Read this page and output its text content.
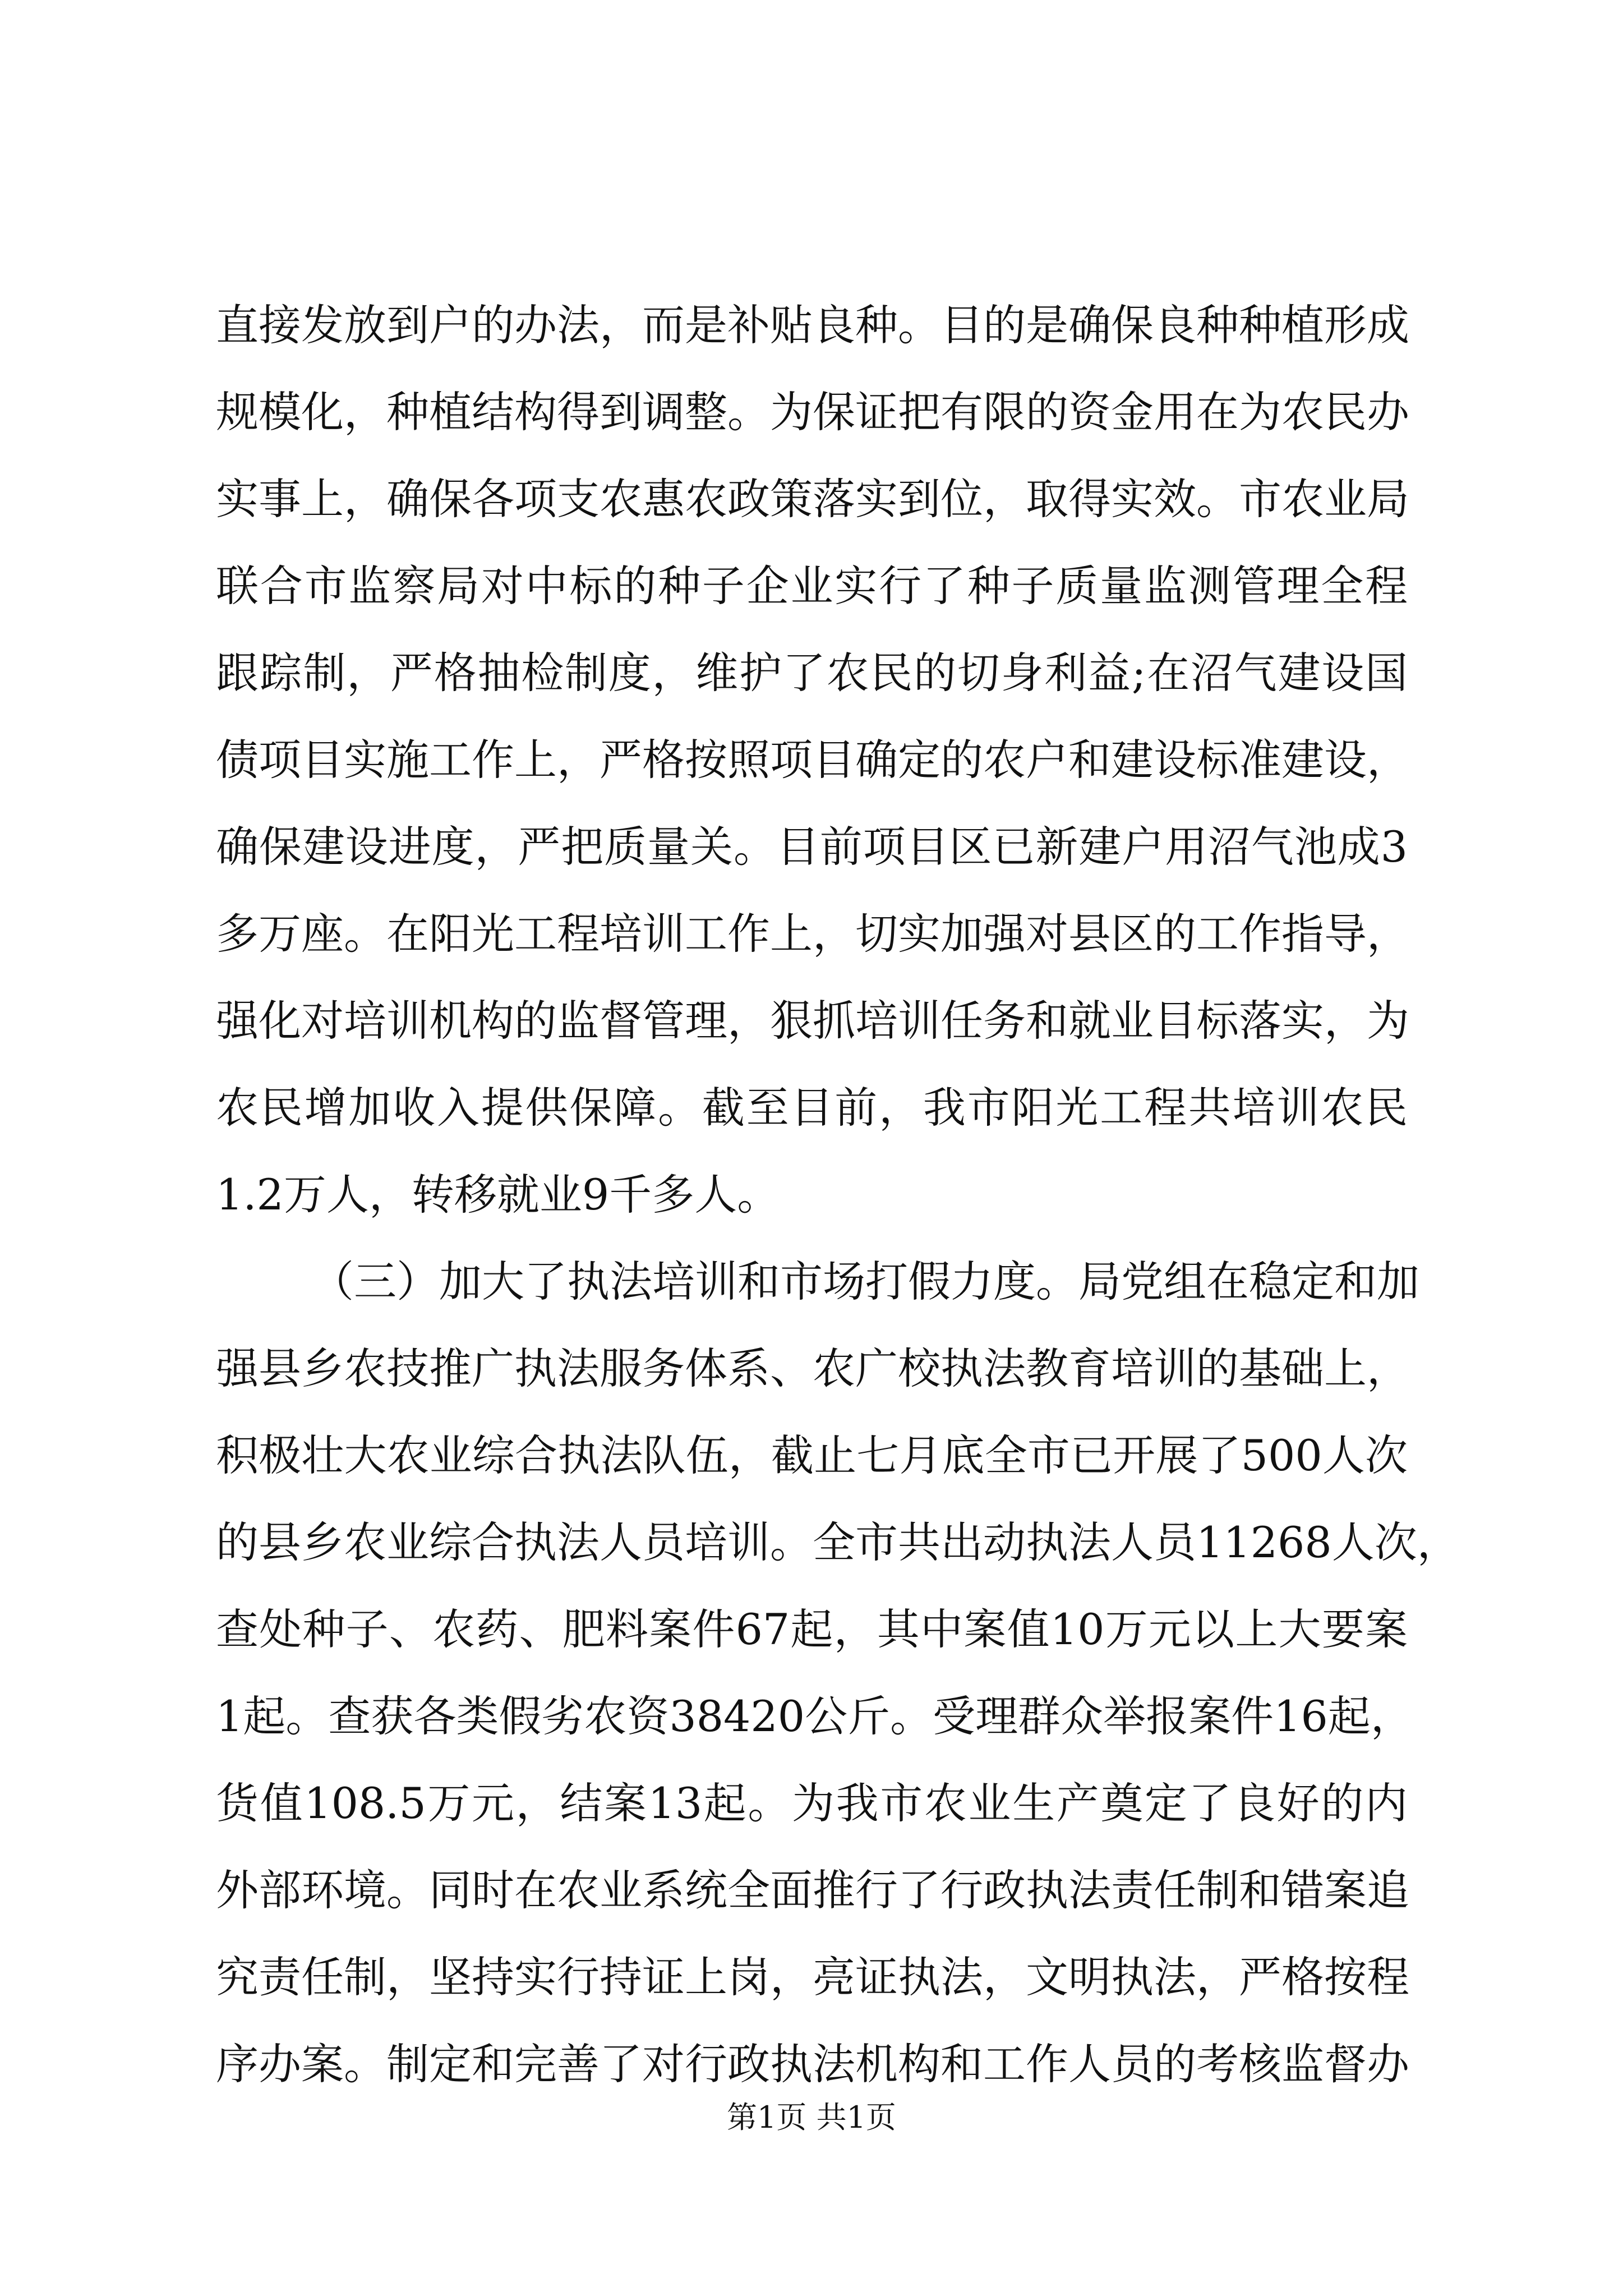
直接发放到户的办法，而是补贴良种。目的是确保良种种植形成
规模化，种植结构得到调整。为保证把有限的资金用在为农民办
实事上，确保各项支农惠农政策落实到位，取得实效。市农业局
联合市监察局对中标的种子企业实行了种子质量监测管理全程
跟踪制，严格抽检制度，维护了农民的切身利益;在沼气建设国
债项目实施工作上，严格按照项目确定的农户和建设标准建设，
确保建设进度，严把质量关。目前项目区已新建户用沼气池成3
多万座。在阳光工程培训工作上，切实加强对县区的工作指导，
强化对培训机构的监督管理，狠抓培训任务和就业目标落实，为
农民增加收入提供保障。截至目前，我市阳光工程共培训农民
1.2万人，转移就业9千多人。
（三）加大了执法培训和市场打假力度。局党组在稳定和加
强县乡农技推广执法服务体系、农广校执法教育培训的基础上，
积极壮大农业综合执法队伍，截止七月底全市已开展了500人次
的县乡农业综合执法人员培训。全市共出动执法人员11268人次，
查处种子、农药、肥料案件67起，其中案值10万元以上大要案
1起。查获各类假劣农资38420公斤。受理群众举报案件16起，
货值108.5万元，结案13起。为我市农业生产奠定了良好的内
外部环境。同时在农业系统全面推行了行政执法责任制和错案追
究责任制，坚持实行持证上岗，亮证执法，文明执法，严格按程
序办案。制定和完善了对行政执法机构和工作人员的考核监督办
第1页 共1页
